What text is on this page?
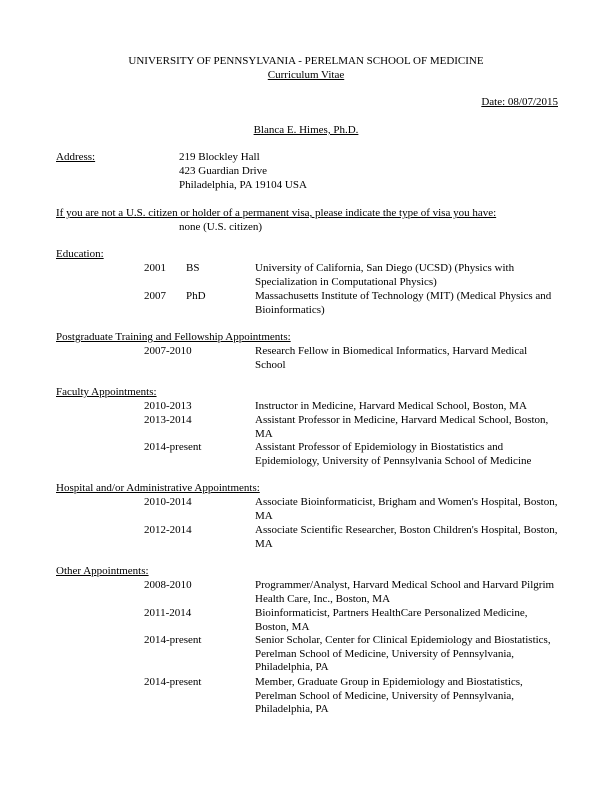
UNIVERSITY OF PENNSYLVANIA - PERELMAN SCHOOL OF MEDICINE
Curriculum Vitae
Date: 08/07/2015
Blanca E. Himes, Ph.D.
Address:	219 Blockley Hall
423 Guardian Drive
Philadelphia, PA 19104 USA
If you are not a U.S. citizen or holder of a permanent visa, please indicate the type of visa you have:
none (U.S. citizen)
Education:
2001 BS	University of California, San Diego (UCSD) (Physics with Specialization in Computational Physics)
2007 PhD	Massachusetts Institute of Technology (MIT) (Medical Physics and Bioinformatics)
Postgraduate Training and Fellowship Appointments:
2007-2010	Research Fellow in Biomedical Informatics, Harvard Medical School
Faculty Appointments:
2010-2013	Instructor in Medicine, Harvard Medical School, Boston, MA
2013-2014	Assistant Professor in Medicine, Harvard Medical School, Boston, MA
2014-present	Assistant Professor of Epidemiology in Biostatistics and Epidemiology, University of Pennsylvania School of Medicine
Hospital and/or Administrative Appointments:
2010-2014	Associate Bioinformaticist, Brigham and Women's Hospital, Boston, MA
2012-2014	Associate Scientific Researcher, Boston Children's Hospital, Boston, MA
Other Appointments:
2008-2010	Programmer/Analyst, Harvard Medical School and Harvard Pilgrim Health Care, Inc., Boston, MA
2011-2014	Bioinformaticist, Partners HealthCare Personalized Medicine, Boston, MA
2014-present	Senior Scholar, Center for Clinical Epidemiology and Biostatistics, Perelman School of Medicine, University of Pennsylvania, Philadelphia, PA
2014-present	Member, Graduate Group in Epidemiology and Biostatistics, Perelman School of Medicine, University of Pennsylvania, Philadelphia, PA
